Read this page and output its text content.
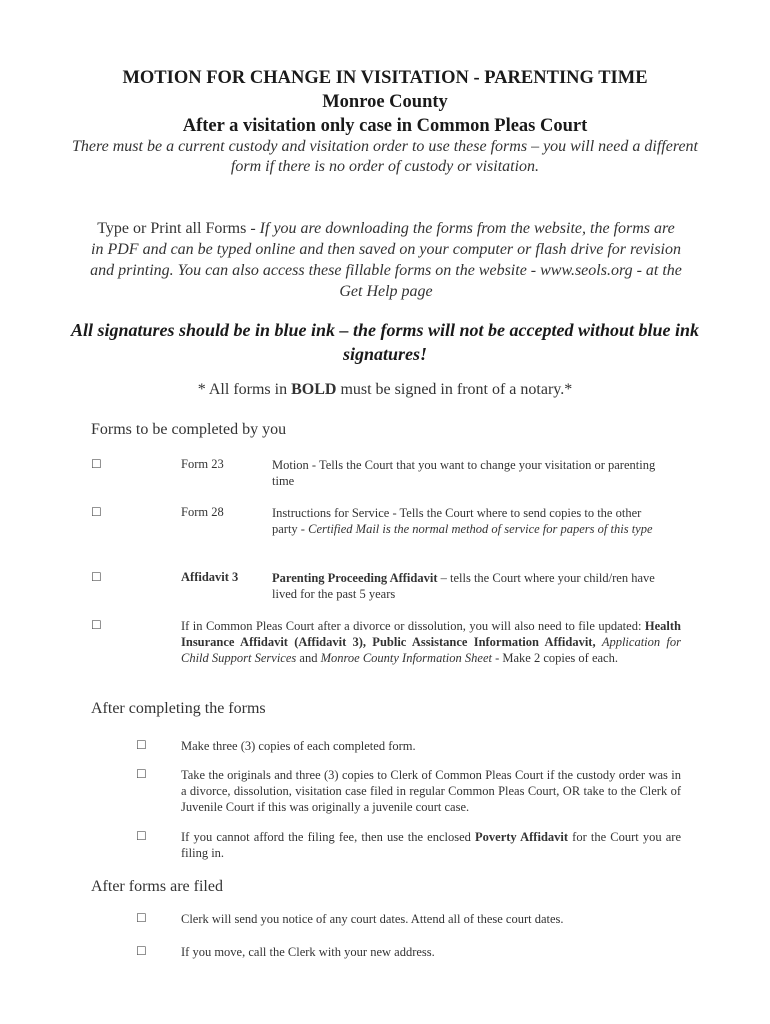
MOTION FOR CHANGE IN VISITATION - PARENTING TIME
Monroe County
After a visitation only case in Common Pleas Court
There must be a current custody and visitation order to use these forms – you will need a different form if there is no order of custody or visitation.
Type or Print all Forms - If you are downloading the forms from the website, the forms are in PDF and can be typed online and then saved on your computer or flash drive for revision and printing. You can also access these fillable forms on the website - www.seols.org - at the Get Help page
All signatures should be in blue ink – the forms will not be accepted without blue ink signatures!
* All forms in BOLD must be signed in front of a notary.*
Forms to be completed by you
☐	Form 23	Motion - Tells the Court that you want to change your visitation or parenting time
☐	Form 28	Instructions for Service - Tells the Court where to send copies to the other party - Certified Mail is the normal method of service for papers of this type
☐	Affidavit 3	Parenting Proceeding Affidavit – tells the Court where your child/ren have lived for the past 5 years
☐	If in Common Pleas Court after a divorce or dissolution, you will also need to file updated: Health Insurance Affidavit (Affidavit 3), Public Assistance Information Affidavit, Application for Child Support Services and Monroe County Information Sheet - Make 2 copies of each.
After completing the forms
☐	Make three (3) copies of each completed form.
☐	Take the originals and three (3) copies to Clerk of Common Pleas Court if the custody order was in a divorce, dissolution, visitation case filed in regular Common Pleas Court, OR take to the Clerk of Juvenile Court if this was originally a juvenile court case.
☐	If you cannot afford the filing fee, then use the enclosed Poverty Affidavit for the Court you are filing in.
After forms are filed
☐	Clerk will send you notice of any court dates. Attend all of these court dates.
☐	If you move, call the Clerk with your new address.
